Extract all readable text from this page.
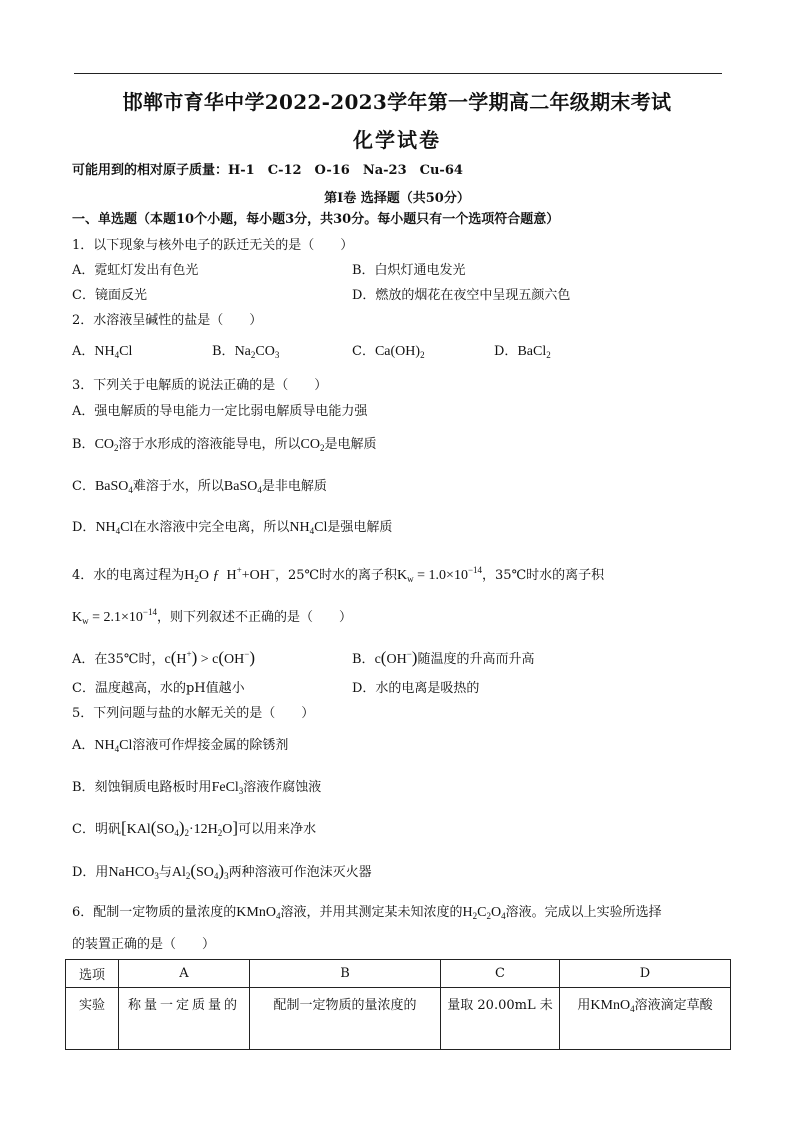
邯郸市育华中学2022-2023学年第一学期高二年级期末考试
化学试卷
可能用到的相对原子质量：H-1　C-12　O-16　Na-23　Cu-64
第Ⅰ卷 选择题（共50分）
一、单选题（本题10个小题，每小题3分，共30分。每小题只有一个选项符合题意）
1．以下现象与核外电子的跃迁无关的是（　　）
A．霓虹灯发出有色光	B．白炽灯通电发光
C．镜面反光	D．燃放的烟花在夜空中呈现五颜六色
2．水溶液呈碱性的盐是（　　）
A．$NH_4Cl$	B．$Na_2CO_3$	C．$Ca(OH)_2$	D．BaCl$_2$
3．下列关于电解质的说法正确的是（　　）
A．强电解质的导电能力一定比弱电解质导电能力强
B．$CO_2$溶于水形成的溶液能导电，所以$CO_2$是电解质
C．BaSO$_4$难溶于水，所以BaSO$_4$是非电解质
D．$NH_4Cl$在水溶液中完全电离，所以$NH_4Cl$是强电解质
4．水的电离过程为$H_2O$ ƒ  H++OH−，25℃时水的离子积$K_w = 1.0\times 10^{-14}$，35℃时水的离子积
$K_w = 2.1\times 10^{-14}$，则下列叙述不正确的是（　　）
A．在35℃时，c(H+) > c(OH−)	B．c(OH−)随温度的升高而升高
C．温度越高，水的pH值越小	D．水的电离是吸热的
5．下列问题与盐的水解无关的是（　　）
A．$NH_4Cl$溶液可作焊接金属的除锈剂
B．刻蚀铜质电路板时用FeCl$_3$溶液作腐蚀液
C．明矾$[KAl(SO_4)_2\cdot 12H_2O]$可以用来净水
D．用NaHCO$_3$与$Al_2(SO_4)_3$两种溶液可作泡沫灭火器
6．配制一定物质的量浓度的KMnO$_4$溶液，并用其测定某未知浓度的$H_2C_2O_4$溶液。完成以上实验所选择
的装置正确的是（　　）
选项	A	B	C	D
实验	称量一定质量的	配制一定物质的量浓度的	量取 20.00mL 未	用KMnO$_4$溶液滴定草酸
